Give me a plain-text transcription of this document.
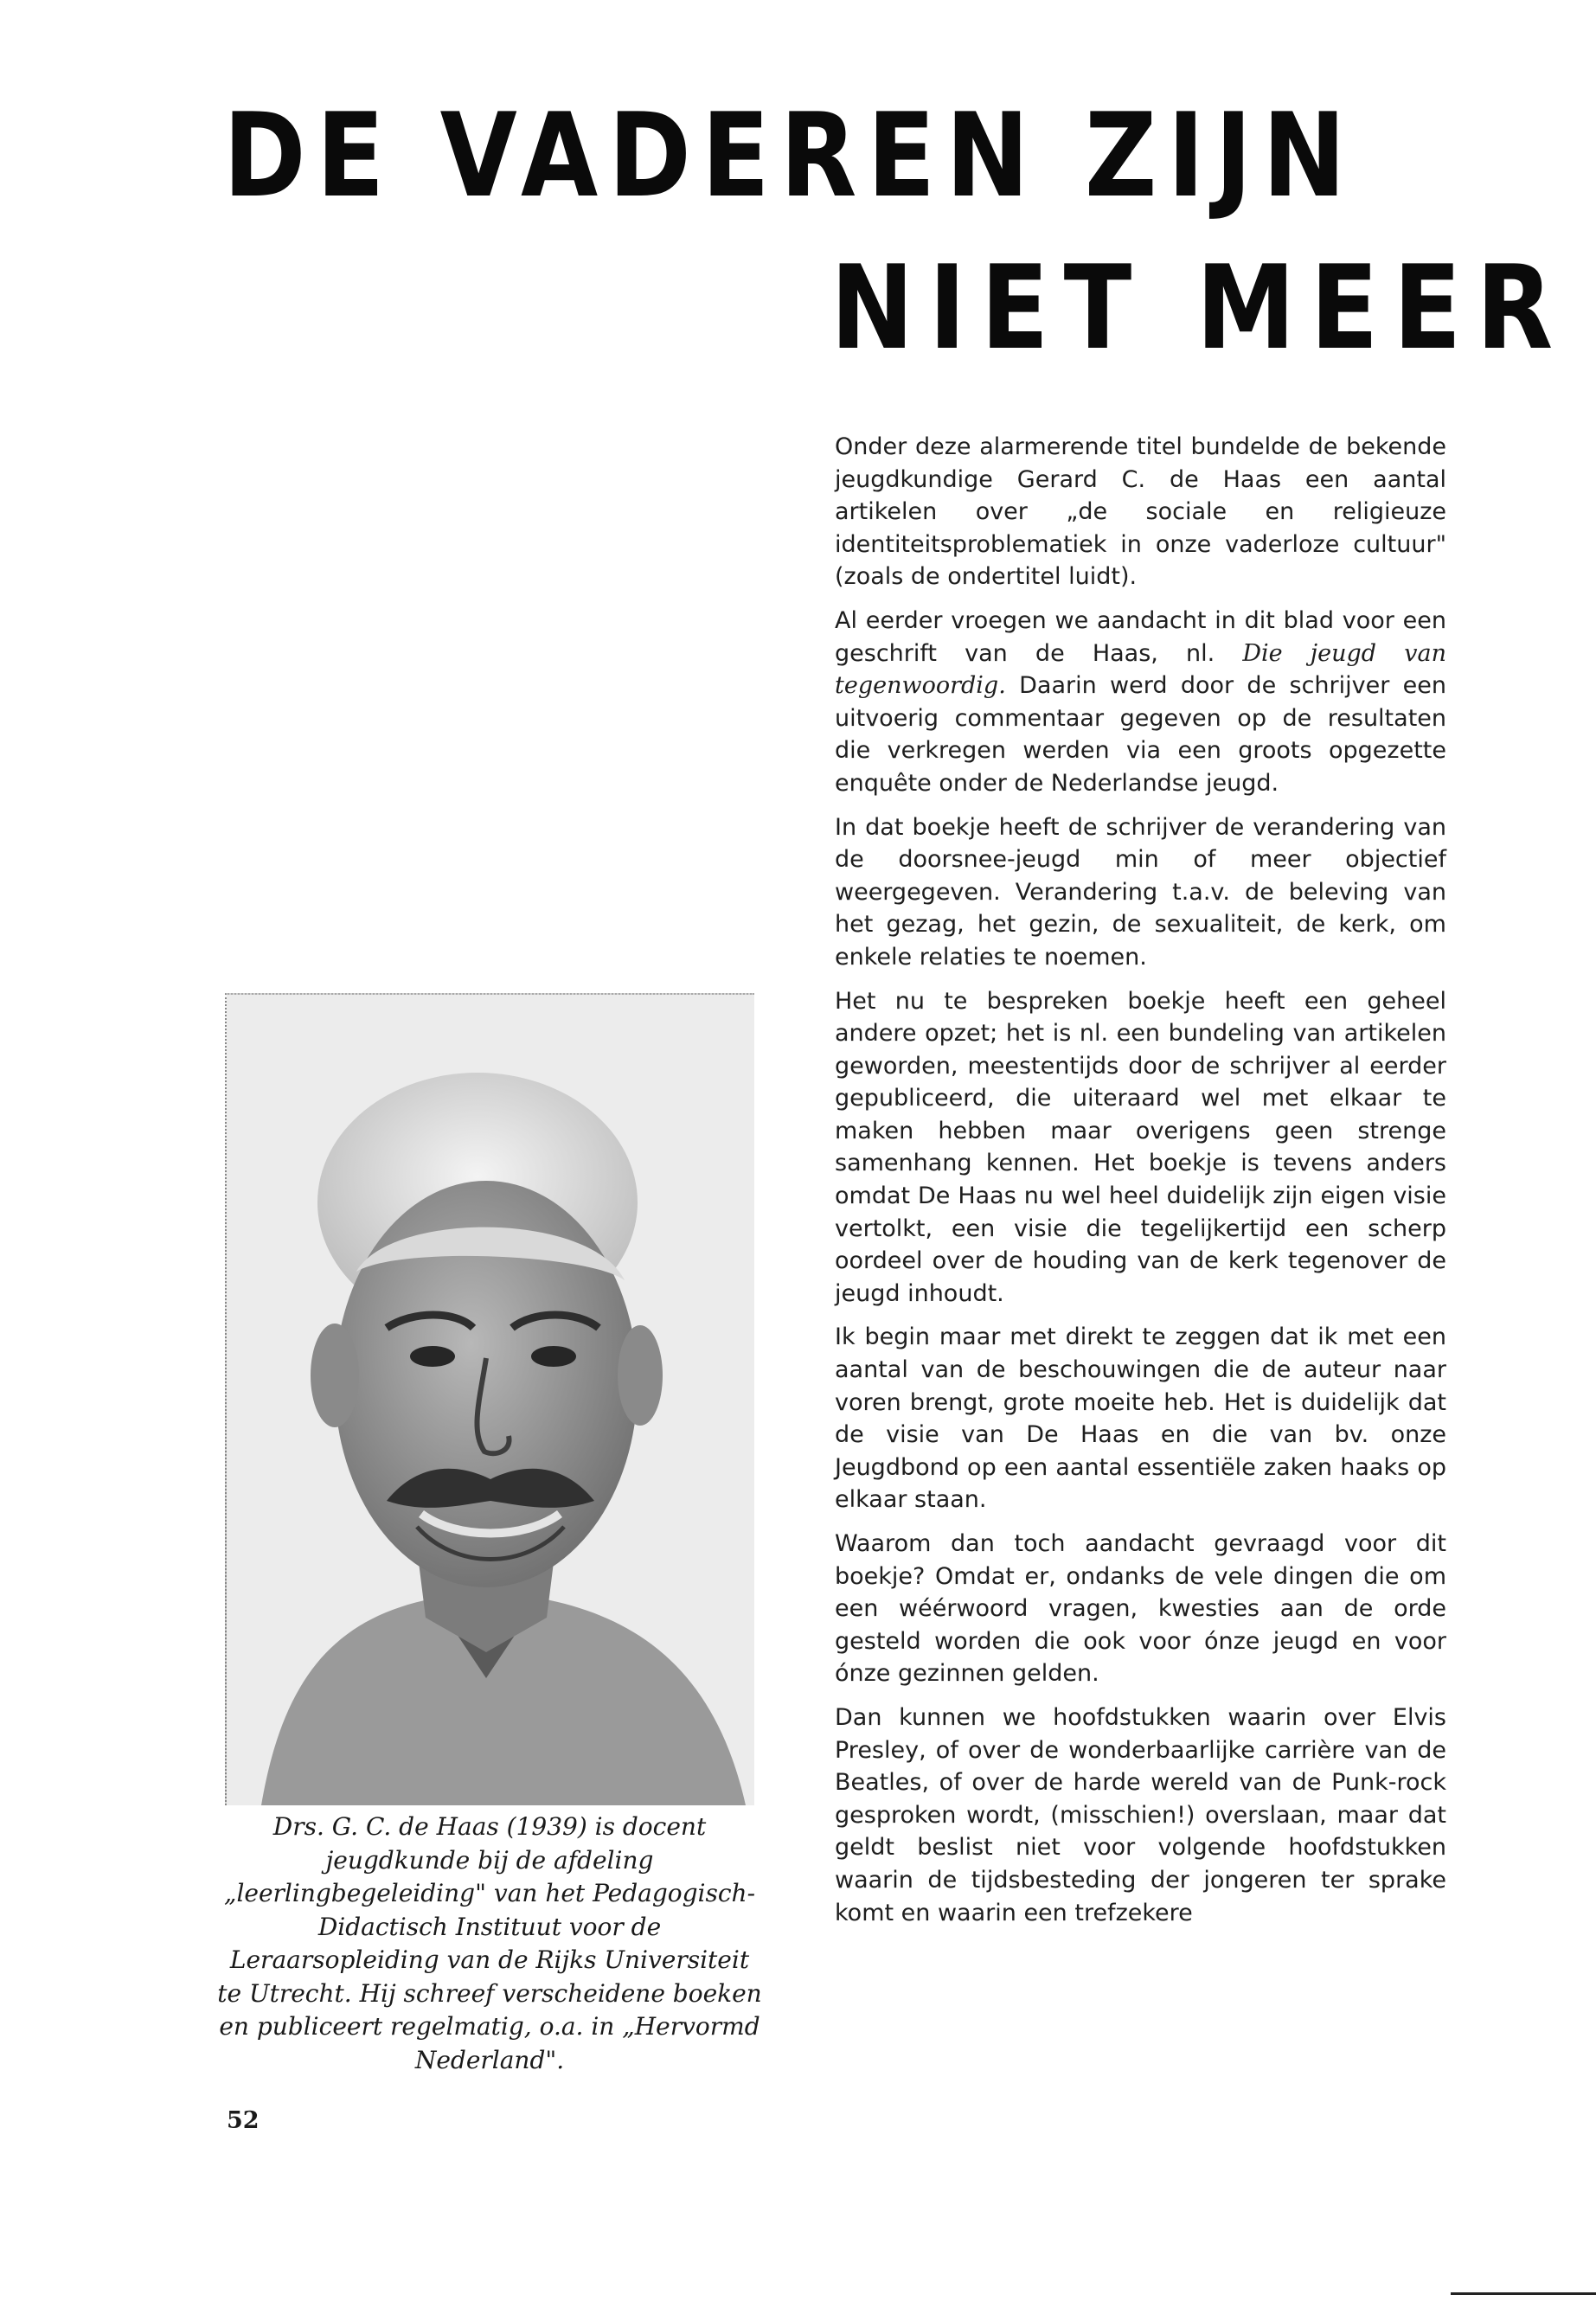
DE VADEREN ZIJN
NIET MEER

Drs. G. C. de Haas (1939) is docent jeugdkunde bij de afdeling „leerlingbegeleiding" van het Pedagogisch-Didactisch Instituut voor de Leraarsopleiding van de Rijks Universiteit te Utrecht. Hij schreef verscheidene boeken en publiceert regelmatig, o.a. in „Hervormd Nederland".

Onder deze alarmerende titel bundelde de bekende jeugdkundige Gerard C. de Haas een aantal artikelen over „de sociale en religieuze identiteitsproblematiek in onze vaderloze cultuur" (zoals de ondertitel luidt).

Al eerder vroegen we aandacht in dit blad voor een geschrift van de Haas, nl. Die jeugd van tegenwoordig. Daarin werd door de schrijver een uitvoerig commentaar gegeven op de resultaten die verkregen werden via een groots opgezette enquête onder de Nederlandse jeugd.

In dat boekje heeft de schrijver de verandering van de doorsnee-jeugd min of meer objectief weergegeven. Verandering t.a.v. de beleving van het gezag, het gezin, de sexualiteit, de kerk, om enkele relaties te noemen.

Het nu te bespreken boekje heeft een geheel andere opzet; het is nl. een bundeling van artikelen geworden, meestentijds door de schrijver al eerder gepubliceerd, die uiteraard wel met elkaar te maken hebben maar overigens geen strenge samenhang kennen. Het boekje is tevens anders omdat De Haas nu wel heel duidelijk zijn eigen visie vertolkt, een visie die tegelijkertijd een scherp oordeel over de houding van de kerk tegenover de jeugd inhoudt.

Ik begin maar met direkt te zeggen dat ik met een aantal van de beschouwingen die de auteur naar voren brengt, grote moeite heb. Het is duidelijk dat de visie van De Haas en die van bv. onze Jeugdbond op een aantal essentiële zaken haaks op elkaar staan.

Waarom dan toch aandacht gevraagd voor dit boekje? Omdat er, ondanks de vele dingen die om een wéérwoord vragen, kwesties aan de orde gesteld worden die ook voor ónze jeugd en voor ónze gezinnen gelden.

Dan kunnen we hoofdstukken waarin over Elvis Presley, of over de wonderbaarlijke carrière van de Beatles, of over de harde wereld van de Punk-rock gesproken wordt, (misschien!) overslaan, maar dat geldt beslist niet voor volgende hoofdstukken waarin de tijdsbesteding der jongeren ter sprake komt en waarin een trefzekere

52
